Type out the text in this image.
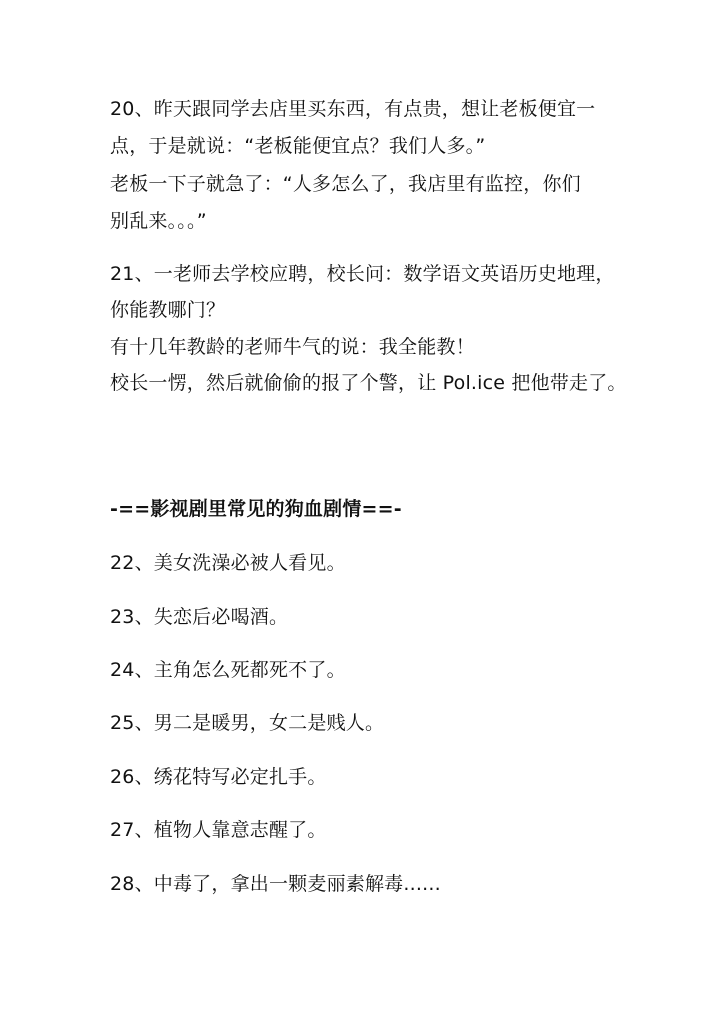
20、昨天跟同学去店里买东西，有点贵，想让老板便宜一
点，于是就说：“老板能便宜点？我们人多。”
老板一下子就急了：“人多怎么了，我店里有监控，你们
别乱来。。。”
21、一老师去学校应聘，校长问：数学语文英语历史地理，
你能教哪门？
有十几年教龄的老师牛气的说：我全能教！
校长一愣，然后就偷偷的报了个警，让 Pol.ice 把他带走了。
-==影视剧里常见的狗血剧情==-
22、美女洗澡必被人看见。
23、失恋后必喝酒。
24、主角怎么死都死不了。
25、男二是暖男，女二是贱人。
26、绣花特写必定扎手。
27、植物人靠意志醒了。
28、中毒了，拿出一颗麦丽素解毒......
